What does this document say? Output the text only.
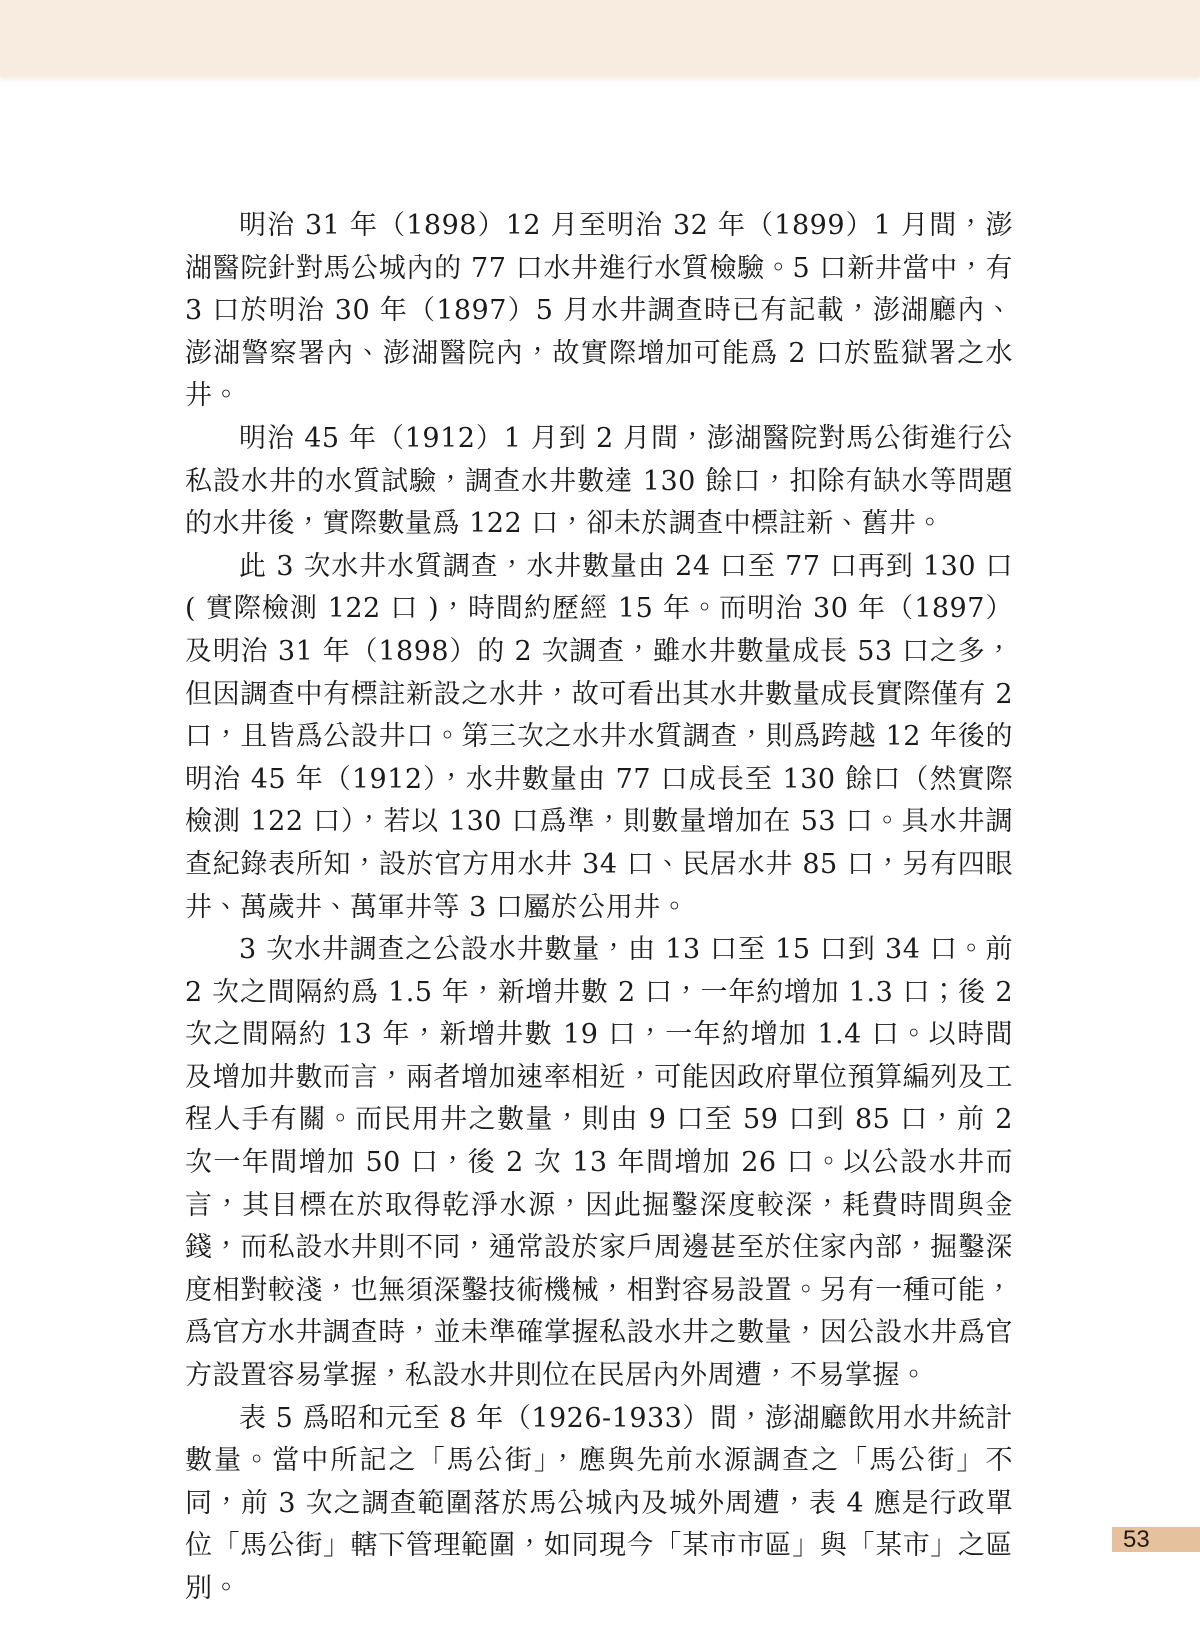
明治 31 年（1898）12 月至明治 32 年（1899）1 月間，澎湖醫院針對馬公城內的 77 口水井進行水質檢驗。5 口新井當中，有 3 口於明治 30 年（1897）5 月水井調查時已有記載，澎湖廳內、澎湖警察署內、澎湖醫院內，故實際增加可能爲 2 口於監獄署之水井。

明治 45 年（1912）1 月到 2 月間，澎湖醫院對馬公街進行公私設水井的水質試驗，調查水井數達 130 餘口，扣除有缺水等問題的水井後，實際數量爲 122 口，卻未於調查中標註新、舊井。

此 3 次水井水質調查，水井數量由 24 口至 77 口再到 130 口 ( 實際檢測 122 口 )，時間約歷經 15 年。而明治 30 年（1897）及明治 31 年（1898）的 2 次調查，雖水井數量成長 53 口之多，但因調查中有標註新設之水井，故可看出其水井數量成長實際僅有 2 口，且皆爲公設井口。第三次之水井水質調查，則爲跨越 12 年後的明治 45 年（1912），水井數量由 77 口成長至 130 餘口（然實際檢測 122 口），若以 130 口爲準，則數量增加在 53 口。具水井調查紀錄表所知，設於官方用水井 34 口、民居水井 85 口，另有四眼井、萬歲井、萬軍井等 3 口屬於公用井。

3 次水井調查之公設水井數量，由 13 口至 15 口到 34 口。前 2 次之間隔約爲 1.5 年，新增井數 2 口，一年約增加 1.3 口；後 2 次之間隔約 13 年，新增井數 19 口，一年約增加 1.4 口。以時間及增加井數而言，兩者增加速率相近，可能因政府單位預算編列及工程人手有關。而民用井之數量，則由 9 口至 59 口到 85 口，前 2 次一年間增加 50 口，後 2 次 13 年間增加 26 口。以公設水井而言，其目標在於取得乾淨水源，因此掘鑿深度較深，耗費時間與金錢，而私設水井則不同，通常設於家戶周邊甚至於住家內部，掘鑿深度相對較淺，也無須深鑿技術機械，相對容易設置。另有一種可能，爲官方水井調查時，並未準確掌握私設水井之數量，因公設水井爲官方設置容易掌握，私設水井則位在民居內外周遭，不易掌握。

表 5 爲昭和元至 8 年（1926-1933）間，澎湖廳飲用水井統計數量。當中所記之「馬公街」，應與先前水源調查之「馬公街」不同，前 3 次之調查範圍落於馬公城內及城外周遭，表 4 應是行政單位「馬公街」轄下管理範圍，如同現今「某市市區」與「某市」之區別。

53
